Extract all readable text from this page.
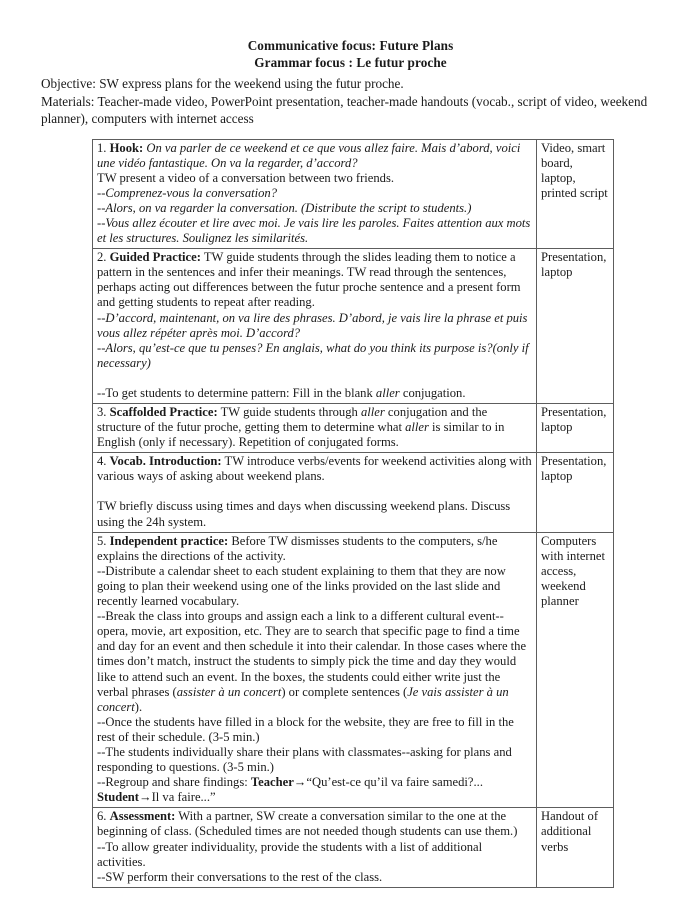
Communicative focus: Future Plans
Grammar focus : Le futur proche

Objective: SW express plans for the weekend using the futur proche.

Materials: Teacher-made video, PowerPoint presentation, teacher-made handouts (vocab., script of video, weekend planner), computers with internet access

1. Hook: On va parler de ce weekend et ce que vous allez faire. Mais d’abord, voici une vidéo fantastique. On va la regarder, d’accord?

TW present a video of a conversation between two friends.

--Comprenez-vous la conversation?

--Alors, on va regarder la conversation. (Distribute the script to students.)

--Vous allez écouter et lire avec moi. Je vais lire les paroles. Faites attention aux mots et les structures. Soulignez les similarités.	Video, smart board, laptop, printed script

2. Guided Practice: TW guide students through the slides leading them to notice a pattern in the sentences and infer their meanings. TW read through the sentences, perhaps acting out differences between the futur proche sentence and a present form and getting students to repeat after reading.

--D’accord, maintenant, on va lire des phrases. D’abord, je vais lire la phrase et puis vous allez répéter après moi. D’accord?

--Alors, qu’est-ce que tu penses? En anglais, what do you think its purpose is?(only if necessary)

--To get students to determine pattern: Fill in the blank aller conjugation.	Presentation, laptop

3. Scaffolded Practice: TW guide students through aller conjugation and the structure of the futur proche, getting them to determine what aller is similar to in English (only if necessary). Repetition of conjugated forms.	Presentation, laptop

4. Vocab. Introduction: TW introduce verbs/events for weekend activities along with various ways of asking about weekend plans.

TW briefly discuss using times and days when discussing weekend plans. Discuss using the 24h system.	Presentation, laptop

5. Independent practice: Before TW dismisses students to the computers, s/he explains the directions of the activity.

--Distribute a calendar sheet to each student explaining to them that they are now going to plan their weekend using one of the links provided on the last slide and recently learned vocabulary.

--Break the class into groups and assign each a link to a different cultural event--opera, movie, art exposition, etc. They are to search that specific page to find a time and day for an event and then schedule it into their calendar. In those cases where the times don’t match, instruct the students to simply pick the time and day they would like to attend such an event. In the boxes, the students could either write just the verbal phrases (assister à un concert) or complete sentences (Je vais assister à un concert).

--Once the students have filled in a block for the website, they are free to fill in the rest of their schedule. (3-5 min.)

--The students individually share their plans with classmates--asking for plans and responding to questions. (3-5 min.)

--Regroup and share findings: Teacher→“Qu’est-ce qu’il va faire samedi?...
Student→Il va faire...”

	Computers with internet access, weekend planner

6. Assessment: With a partner, SW create a conversation similar to the one at the beginning of class. (Scheduled times are not needed though students can use them.)

--To allow greater individuality, provide the students with a list of additional activities.

--SW perform their conversations to the rest of the class.	Handout of additional verbs
